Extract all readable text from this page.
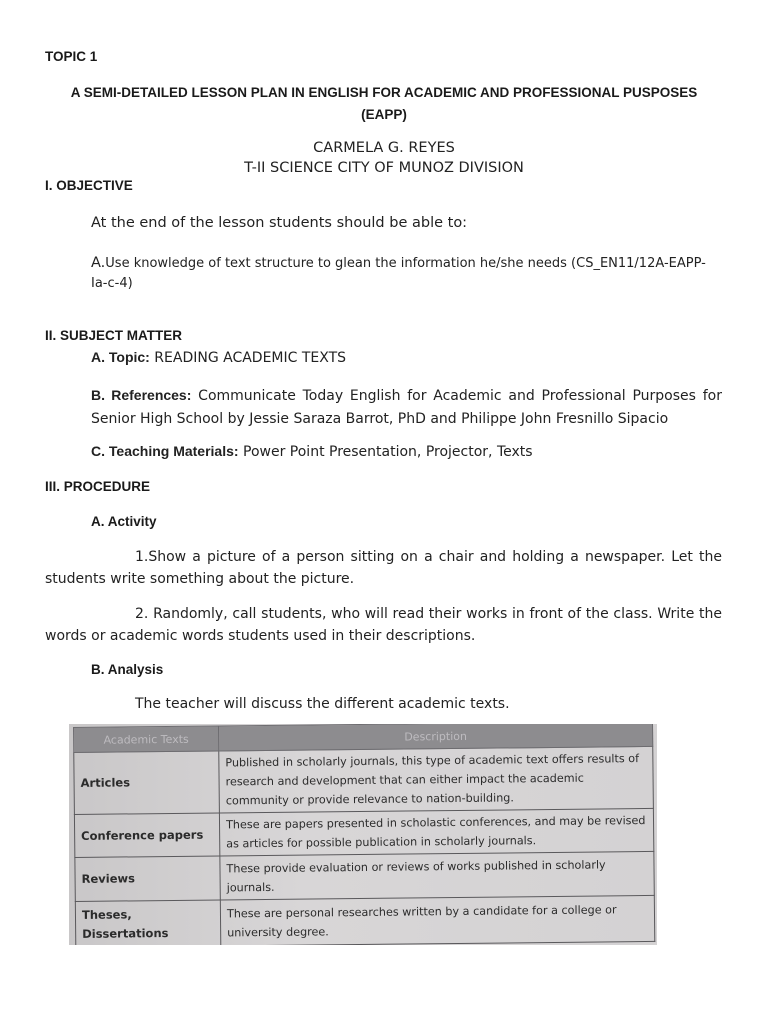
TOPIC 1
A SEMI-DETAILED LESSON PLAN IN ENGLISH FOR ACADEMIC AND PROFESSIONAL PUSPOSES (EAPP)
CARMELA G. REYES
T-II SCIENCE CITY OF MUNOZ DIVISION
I. OBJECTIVE
At the end of the lesson students should be able to:
A.Use knowledge of text structure to glean the information he/she needs (CS_EN11/12A-EAPP-Ia-c-4)
II. SUBJECT MATTER
A. Topic: READING ACADEMIC TEXTS
B. References: Communicate Today English for Academic and Professional Purposes for Senior High School by Jessie Saraza Barrot, PhD and Philippe John Fresnillo Sipacio
C. Teaching Materials: Power Point Presentation, Projector, Texts
III. PROCEDURE
A. Activity
1.Show a picture of a person sitting on a chair and holding a newspaper. Let the students write something about the picture.
2. Randomly, call students, who will read their works in front of the class. Write the words or academic words students used in their descriptions.
B. Analysis
The teacher will discuss the different academic texts.
Academic Texts	Description
Articles	Published in scholarly journals, this type of academic text offers results of research and development that can either impact the academic community or provide relevance to nation-building.
Conference papers	These are papers presented in scholastic conferences, and may be revised as articles for possible publication in scholarly journals.
Reviews	These provide evaluation or reviews of works published in scholarly journals.
Theses, Dissertations	These are personal researches written by a candidate for a college or university degree.
